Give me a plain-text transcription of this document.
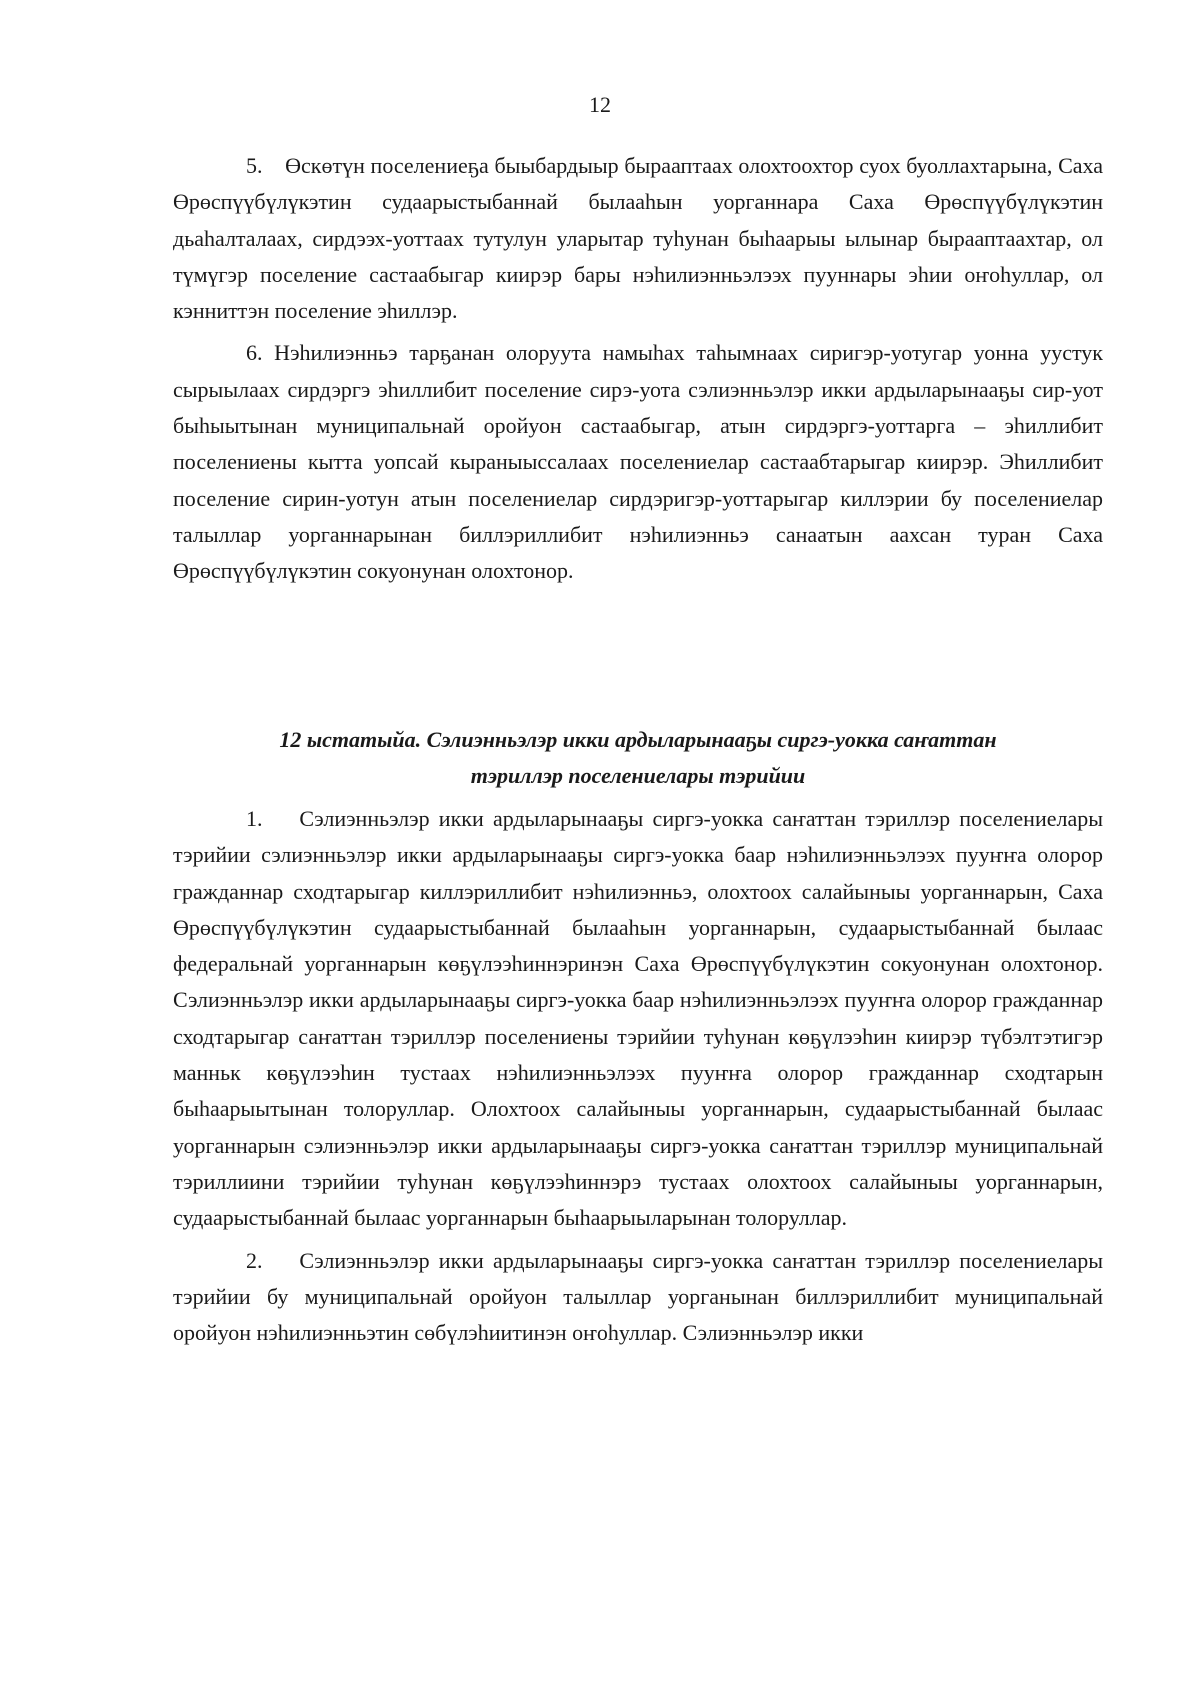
12

5.    Өскөтүн поселениеҕа быыбардыыр бырааптаах олохтоохтор суох буоллахтарына, Саха Өрөспүүбүлүкэтин судаарыстыбаннай былааһын уорганнара Саха Өрөспүүбүлүкэтин дьаһалталаах, сирдээх-уоттаах тутулун уларытар туһунан быһаарыы ылынар бырааптаахтар, ол түмүгэр поселение састаабыгар киирэр бары нэһилиэнньэлээх пууннары эһии оҥоһуллар, ол кэнниттэн поселение эһиллэр.

6. Нэһилиэнньэ тарҕанан олоруута намыһах таһымнаах сиригэр-уотугар уонна уустук сырыылаах сирдэргэ эһиллибит поселение сирэ-уота сэлиэнньэлэр икки ардыларынааҕы сир-уот быһыытынан муниципальнай оройуон састаабыгар, атын сирдэргэ-уоттарга – эһиллибит поселениены кытта уопсай кыраныыссалаах поселениелар састаабтарыгар киирэр. Эһиллибит поселение сирин-уотун атын поселениелар сирдэригэр-уоттарыгар киллэрии бу поселениелар талыллар уорганнарынан биллэриллибит нэһилиэнньэ санаатын аахсан туран Саха Өрөспүүбүлүкэтин сокуонунан олохтонор.

12 ыстатыйа. Сэлиэнньэлэр икки ардыларынааҕы сиргэ-уокка саҥаттан
тэриллэр поселениелары тэрийии

1.    Сэлиэнньэлэр икки ардыларынааҕы сиргэ-уокка саҥаттан тэриллэр поселениелары тэрийии сэлиэнньэлэр икки ардыларынааҕы сиргэ-уокка баар нэһилиэнньэлээх пууҥҥа олорор гражданнар сходтарыгар киллэриллибит нэһилиэнньэ, олохтоох салайыныы уорганнарын, Саха Өрөспүүбүлүкэтин судаарыстыбаннай былааһын уорганнарын, судаарыстыбаннай былаас федеральнай уорганнарын көҕүлээһиннэринэн Саха Өрөспүүбүлүкэтин сокуонунан олохтонор. Сэлиэнньэлэр икки ардыларынааҕы сиргэ-уокка баар нэһилиэнньэлээх пууҥҥа олорор гражданнар сходтарыгар саҥаттан тэриллэр поселениены тэрийии туһунан көҕүлээһин киирэр түбэлтэтигэр манньк көҕүлээһин тустаах нэһилиэнньэлээх пууҥҥа олорор гражданнар сходтарын быһаарыытынан толоруллар. Олохтоох салайыныы уорганнарын, судаарыстыбаннай былаас уорганнарын сэлиэнньэлэр икки ардыларынааҕы сиргэ-уокка саҥаттан тэриллэр муниципальнай тэриллиини тэрийии туһунан көҕүлээһиннэрэ тустаах олохтоох салайыныы уорганнарын, судаарыстыбаннай былаас уорганнарын быһаарыыларынан толоруллар.

2.    Сэлиэнньэлэр икки ардыларынааҕы сиргэ-уокка саҥаттан тэриллэр поселениелары тэрийии бу муниципальнай оройуон талыллар уорганынан биллэриллибит муниципальнай оройуон нэһилиэнньэтин сөбүлэһиитинэн оҥоһуллар. Сэлиэнньэлэр икки
